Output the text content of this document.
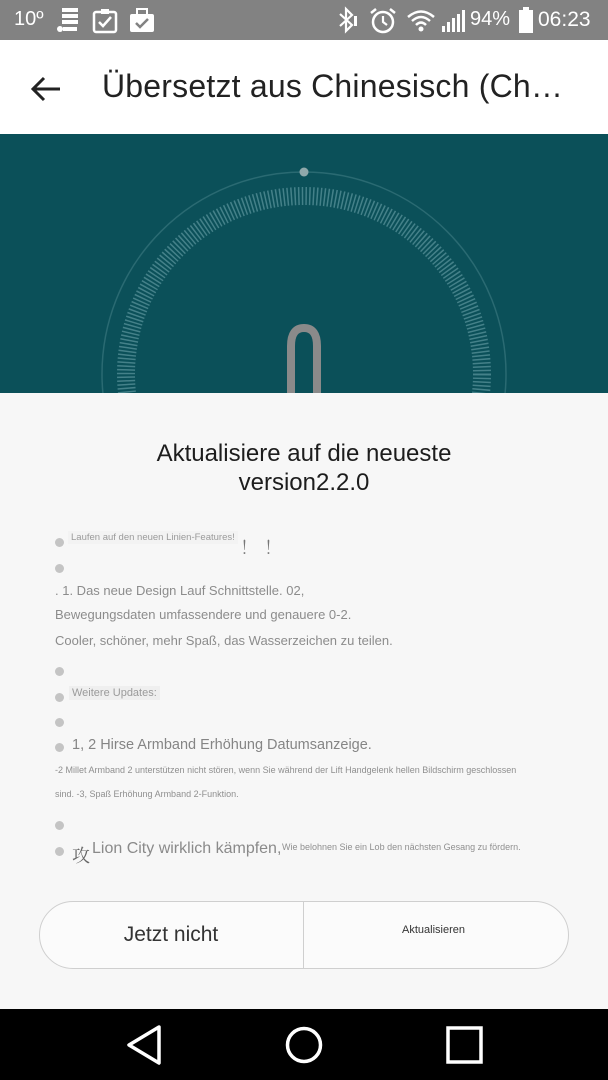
10º	94% 06:23
Übersetzt aus Chinesisch (Ch…
Aktualisiere auf die neueste
version2.2.0
Laufen auf den neuen Linien-Features!
！！
. 1. Das neue Design Lauf Schnittstelle. 02,
Bewegungsdaten umfassendere und genauere 0-2.
Cooler, schöner, mehr Spaß, das Wasserzeichen zu teilen.
Weitere Updates:
1, 2 Hirse Armband Erhöhung Datumsanzeige.
-2 Millet Armband 2 unterstützen nicht stören, wenn Sie während der Lift Handgelenk hellen Bildschirm geschlossen
sind. -3, Spaß Erhöhung Armband 2-Funktion.
攻 Lion City wirklich kämpfen, Wie belohnen Sie ein Lob den nächsten Gesang zu fördern.
Jetzt nicht	Aktualisieren
